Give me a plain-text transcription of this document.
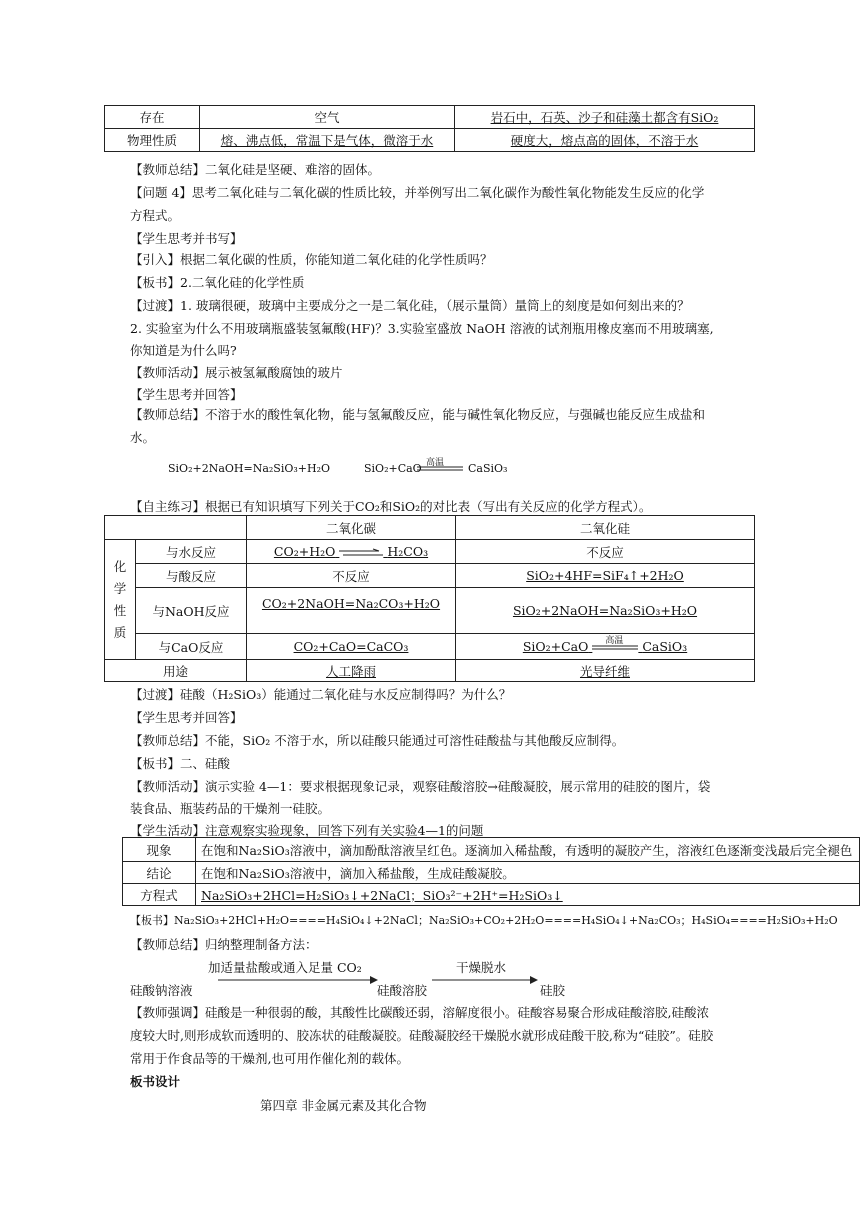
存在	空气	岩石中，石英、沙子和硅藻土都含有SiO₂
物理性质	熔、沸点低，常温下是气体，微溶于水	硬度大，熔点高的固体，不溶于水
【教师总结】二氧化硅是坚硬、难溶的固体。
【问题 4】思考二氧化硅与二氧化碳的性质比较，并举例写出二氧化碳作为酸性氧化物能发生反应的化学
方程式。
【学生思考并书写】
【引入】根据二氧化碳的性质，你能知道二氧化硅的化学性质吗？
【板书】2.二氧化硅的化学性质
【过渡】1. 玻璃很硬，玻璃中主要成分之一是二氧化硅，（展示量筒）量筒上的刻度是如何刻出来的？
2. 实验室为什么不用玻璃瓶盛装氢氟酸(HF)？3.实验室盛放 NaOH 溶液的试剂瓶用橡皮塞而不用玻璃塞,
你知道是为什么吗?
【教师活动】展示被氢氟酸腐蚀的玻片
【学生思考并回答】
【教师总结】不溶于水的酸性氧化物，能与氢氟酸反应，能与碱性氧化物反应，与强碱也能反应生成盐和
水。
SiO₂+2NaOH=Na₂SiO₃+H₂O	SiO₂+CaO 高温 CaSiO₃
【自主练习】根据已有知识填写下列关于CO₂和SiO₂的对比表（写出有关反应的化学方程式）。
		二氧化碳	二氧化硅

化学性质	与水反应	CO₂+H₂O H₂CO₃	不反应
	与酸反应	不反应	SiO₂+4HF=SiF₄↑+2H₂O
	与NaOH反应	CO₂+2NaOH=Na₂CO₃+H₂O	SiO₂+2NaOH=Na₂SiO₃+H₂O
	与CaO反应	CO₂+CaO=CaCO₃	SiO₂+CaO 高温 CaSiO₃
用途		人工降雨	光导纤维
【过渡】硅酸（H₂SiO₃）能通过二氧化硅与水反应制得吗？为什么？
【学生思考并回答】
【教师总结】不能，SiO₂ 不溶于水，所以硅酸只能通过可溶性硅酸盐与其他酸反应制得。
【板书】二、硅酸
【教师活动】演示实验 4—1：要求根据现象记录，观察硅酸溶胶→硅酸凝胶，展示常用的硅胶的图片，袋
装食品、瓶装药品的干燥剂一硅胶。
【学生活动】注意观察实验现象，回答下列有关实验4—1的问题
现象	在饱和Na₂SiO₃溶液中，滴加酚酞溶液呈红色。逐滴加入稀盐酸，有透明的凝胶产生，溶液红色逐渐变浅最后完全褪色
结论	在饱和Na₂SiO₃溶液中，滴加入稀盐酸，生成硅酸凝胶。
方程式	Na₂SiO₃+2HCl=H₂SiO₃↓+2NaCl；SiO₃²⁻+2H⁺=H₂SiO₃↓
【板书】Na₂SiO₃+2HCl+H₂O====H₄SiO₄↓+2NaCl；Na₂SiO₃+CO₂+2H₂O====H₄SiO₄↓+Na₂CO₃；H₄SiO₄====H₂SiO₃+H₂O
【教师总结】归纳整理制备方法：
加适量盐酸或通入足量 CO₂	干燥脱水
硅酸钠溶液	硅酸溶胶	硅胶
【教师强调】硅酸是一种很弱的酸，其酸性比碳酸还弱，溶解度很小。硅酸容易聚合形成硅酸溶胶,硅酸浓
度较大时,则形成软而透明的、胶冻状的硅酸凝胶。硅酸凝胶经干燥脱水就形成硅酸干胶,称为“硅胶”。硅胶
常用于作食品等的干燥剂,也可用作催化剂的载体。
板书设计
第四章 非金属元素及其化合物
